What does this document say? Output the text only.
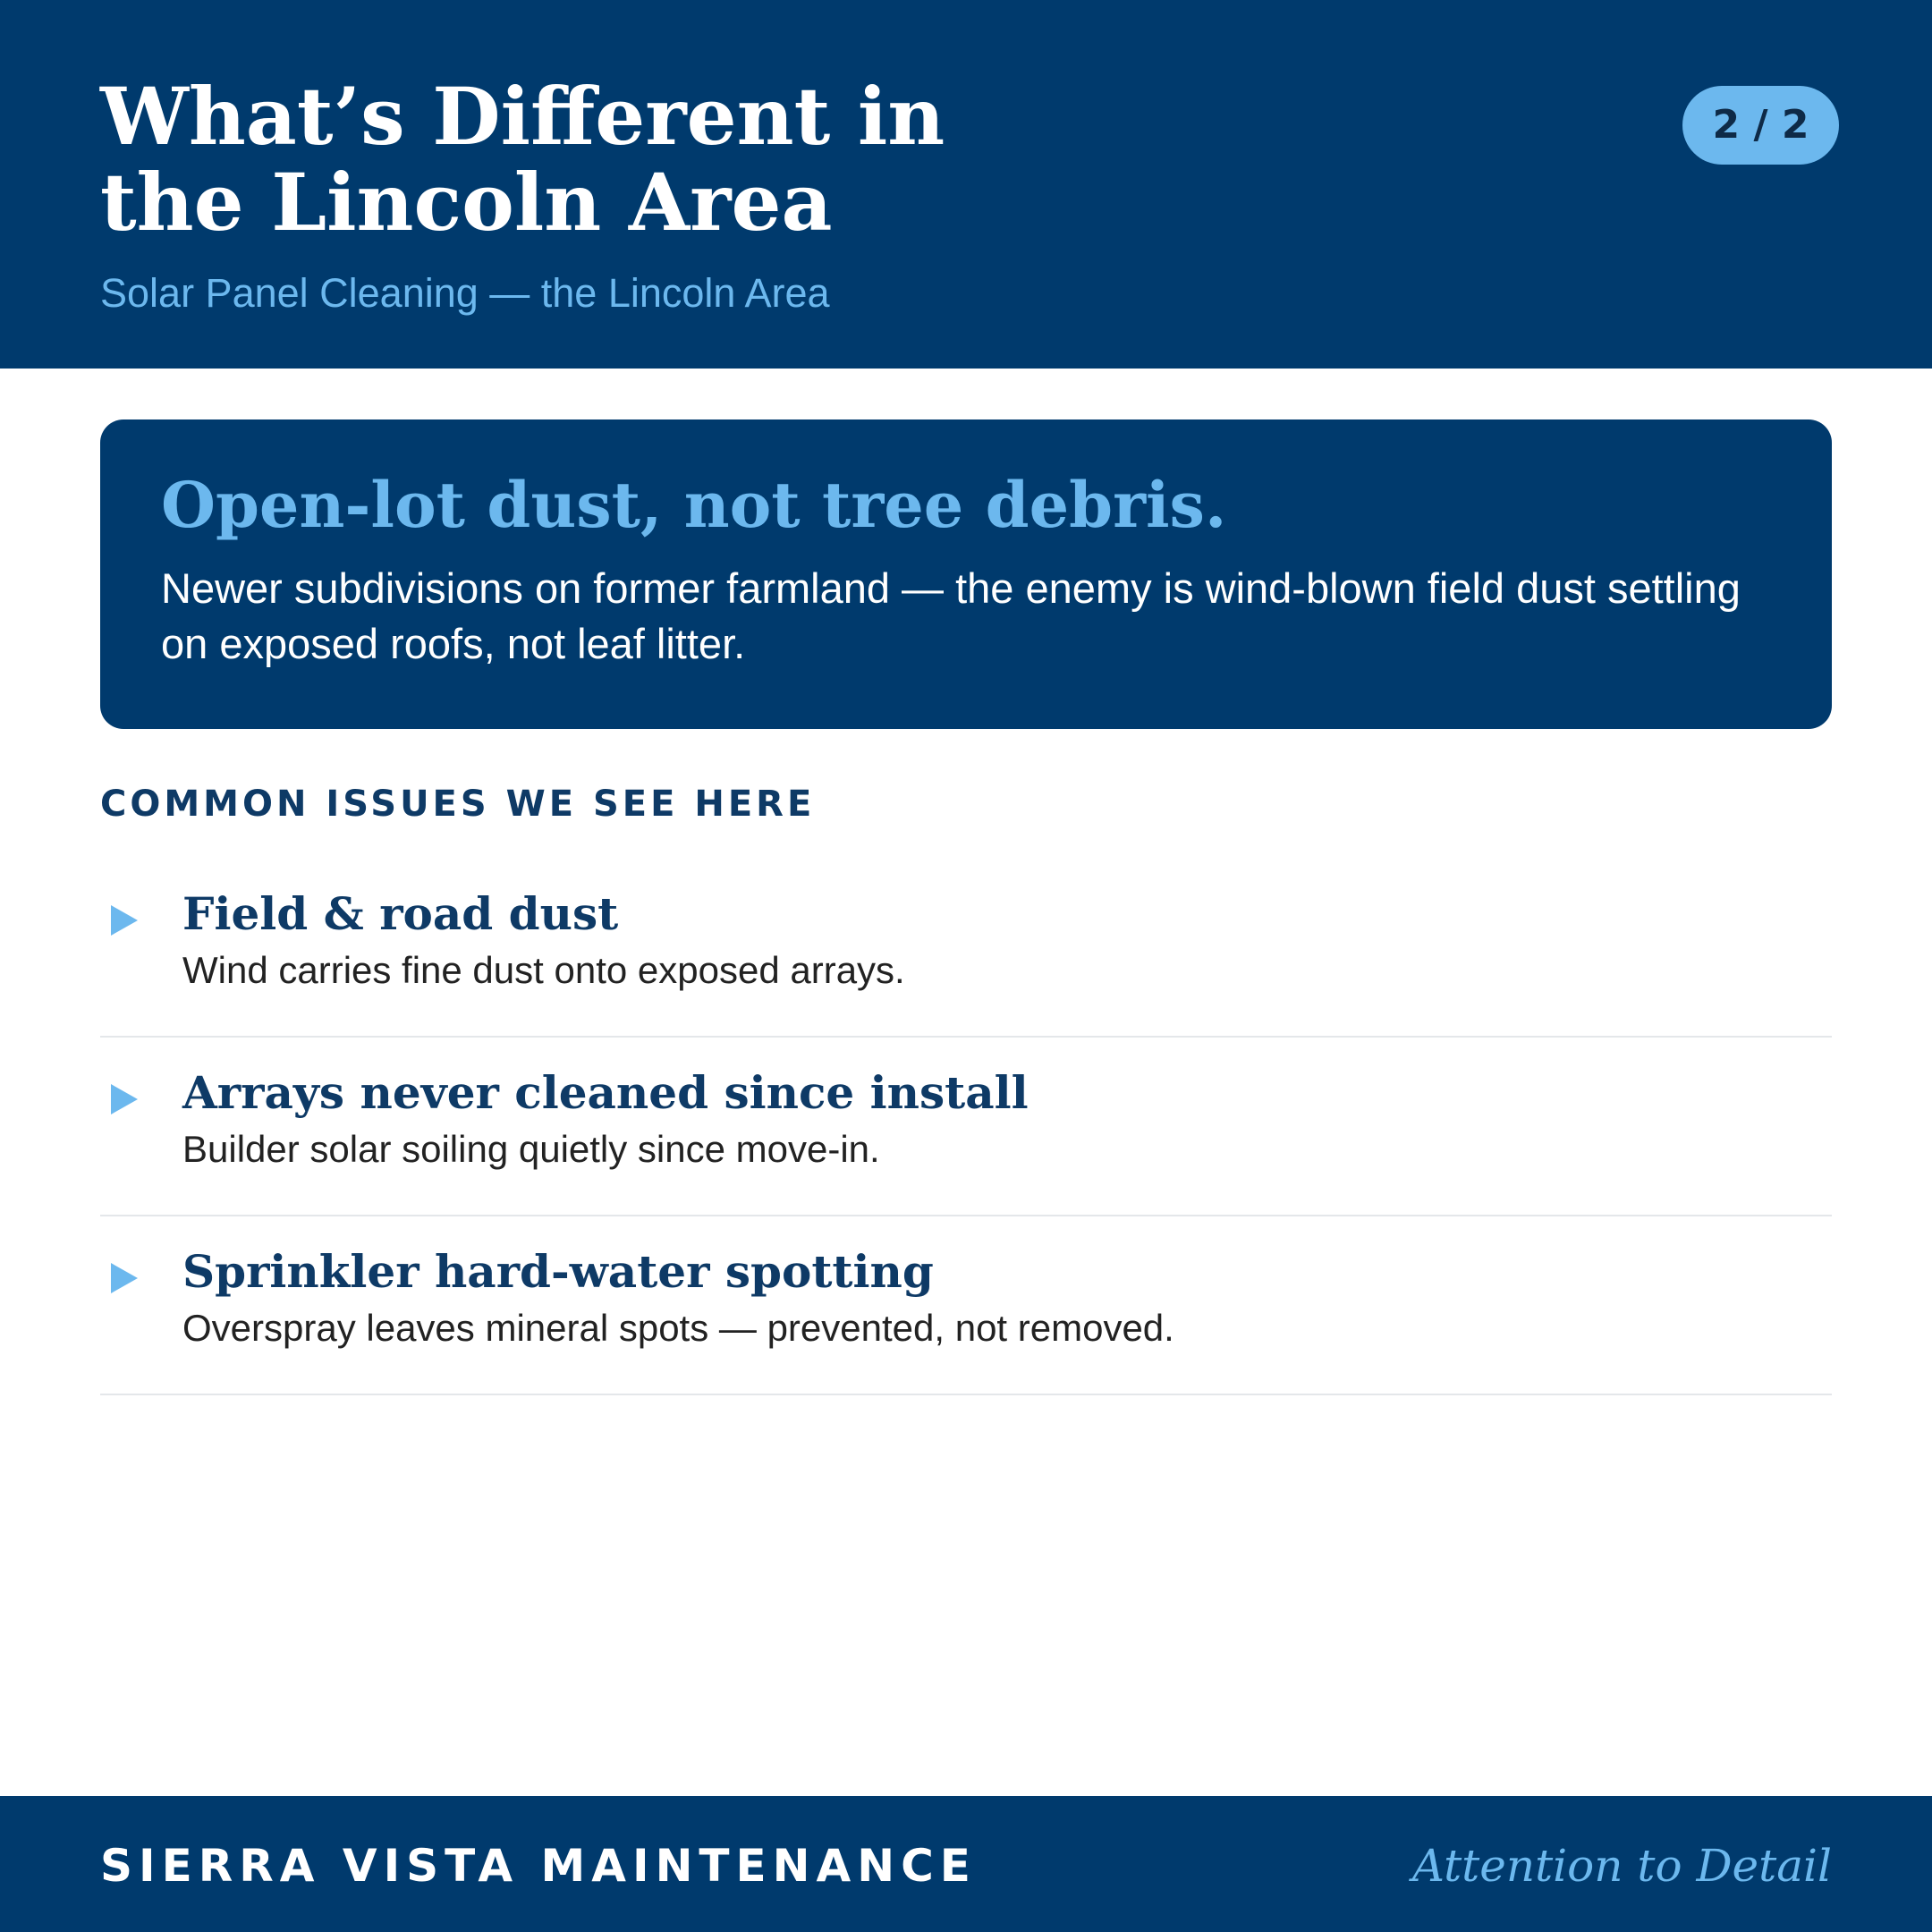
What’s Different in
the Lincoln Area
Solar Panel Cleaning — the Lincoln Area
2 / 2
Open-lot dust, not tree debris.
Newer subdivisions on former farmland — the enemy is wind-blown field dust settling on exposed roofs, not leaf litter.
COMMON ISSUES WE SEE HERE
Field & road dust
Wind carries fine dust onto exposed arrays.
Arrays never cleaned since install
Builder solar soiling quietly since move-in.
Sprinkler hard-water spotting
Overspray leaves mineral spots — prevented, not removed.
SIERRA VISTA MAINTENANCE	Attention to Detail
